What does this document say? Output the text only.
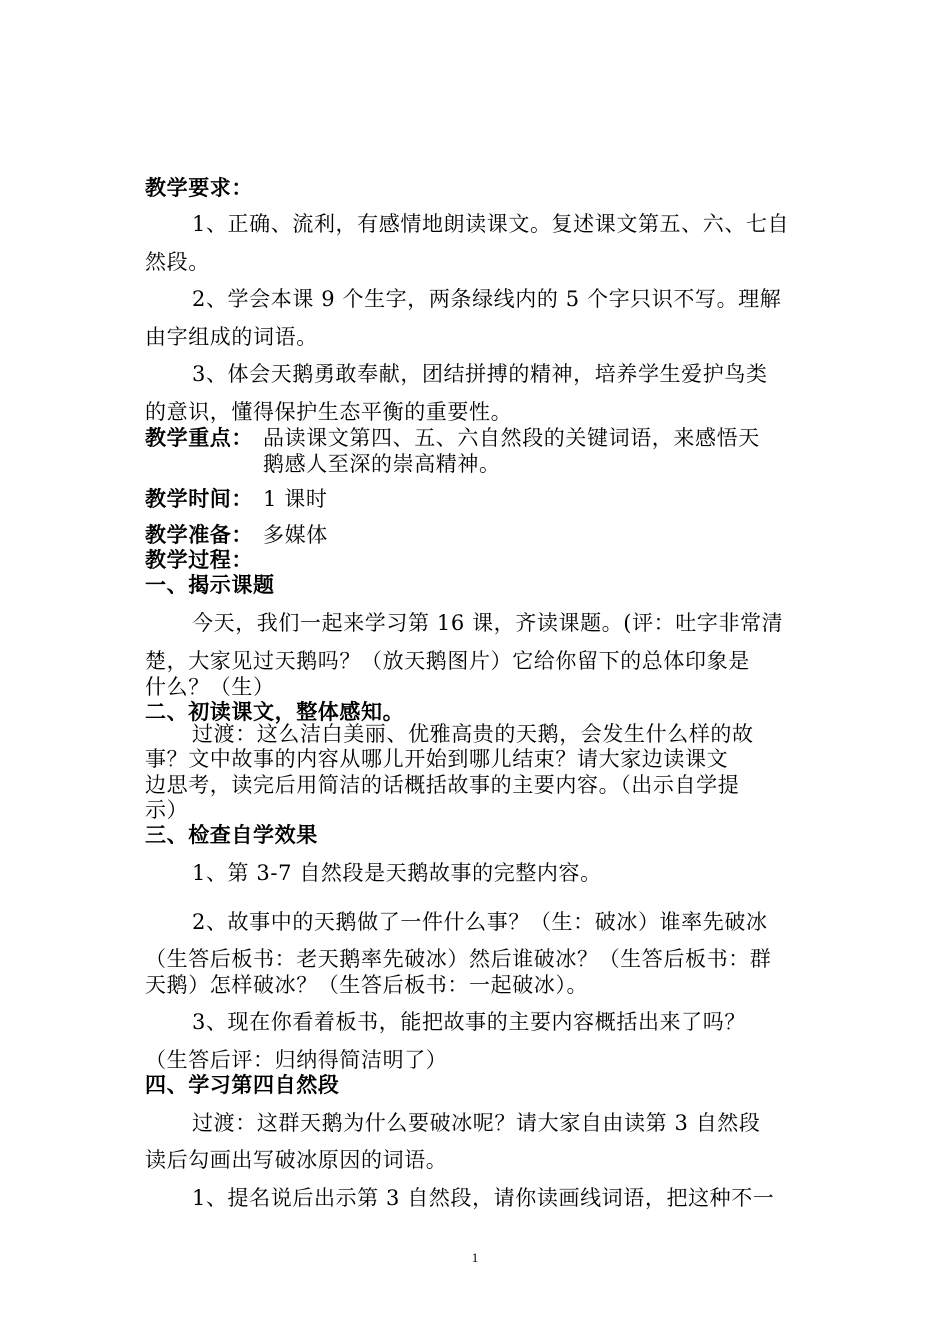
教学要求：
1、正确、流利，有感情地朗读课文。复述课文第五、六、七自
然段。
2、学会本课 9 个生字，两条绿线内的 5 个字只识不写。理解
由字组成的词语。
3、体会天鹅勇敢奉献，团结拼搏的精神，培养学生爱护鸟类
的意识，懂得保护生态平衡的重要性。
教学重点： 品读课文第四、五、六自然段的关键词语，来感悟天
鹅感人至深的崇高精神。
教学时间： 1 课时
教学准备： 多媒体
教学过程：
一、揭示课题
今天，我们一起来学习第 16 课，齐读课题。(评：吐字非常清
楚，大家见过天鹅吗？（放天鹅图片）它给你留下的总体印象是
什么？（生）
二、初读课文，整体感知。
过渡：这么洁白美丽、优雅高贵的天鹅，会发生什么样的故
事？文中故事的内容从哪儿开始到哪儿结束？请大家边读课文
边思考，读完后用简洁的话概括故事的主要内容。（出示自学提
示）
三、检查自学效果
1、第 3-7 自然段是天鹅故事的完整内容。
2、故事中的天鹅做了一件什么事？（生：破冰）谁率先破冰
（生答后板书：老天鹅率先破冰）然后谁破冰？（生答后板书：群
天鹅）怎样破冰？（生答后板书：一起破冰）。
3、现在你看着板书，能把故事的主要内容概括出来了吗？
（生答后评：归纳得简洁明了）
四、学习第四自然段
过渡：这群天鹅为什么要破冰呢？请大家自由读第 3 自然段
读后勾画出写破冰原因的词语。
1、提名说后出示第 3 自然段，请你读画线词语，把这种不一
1
